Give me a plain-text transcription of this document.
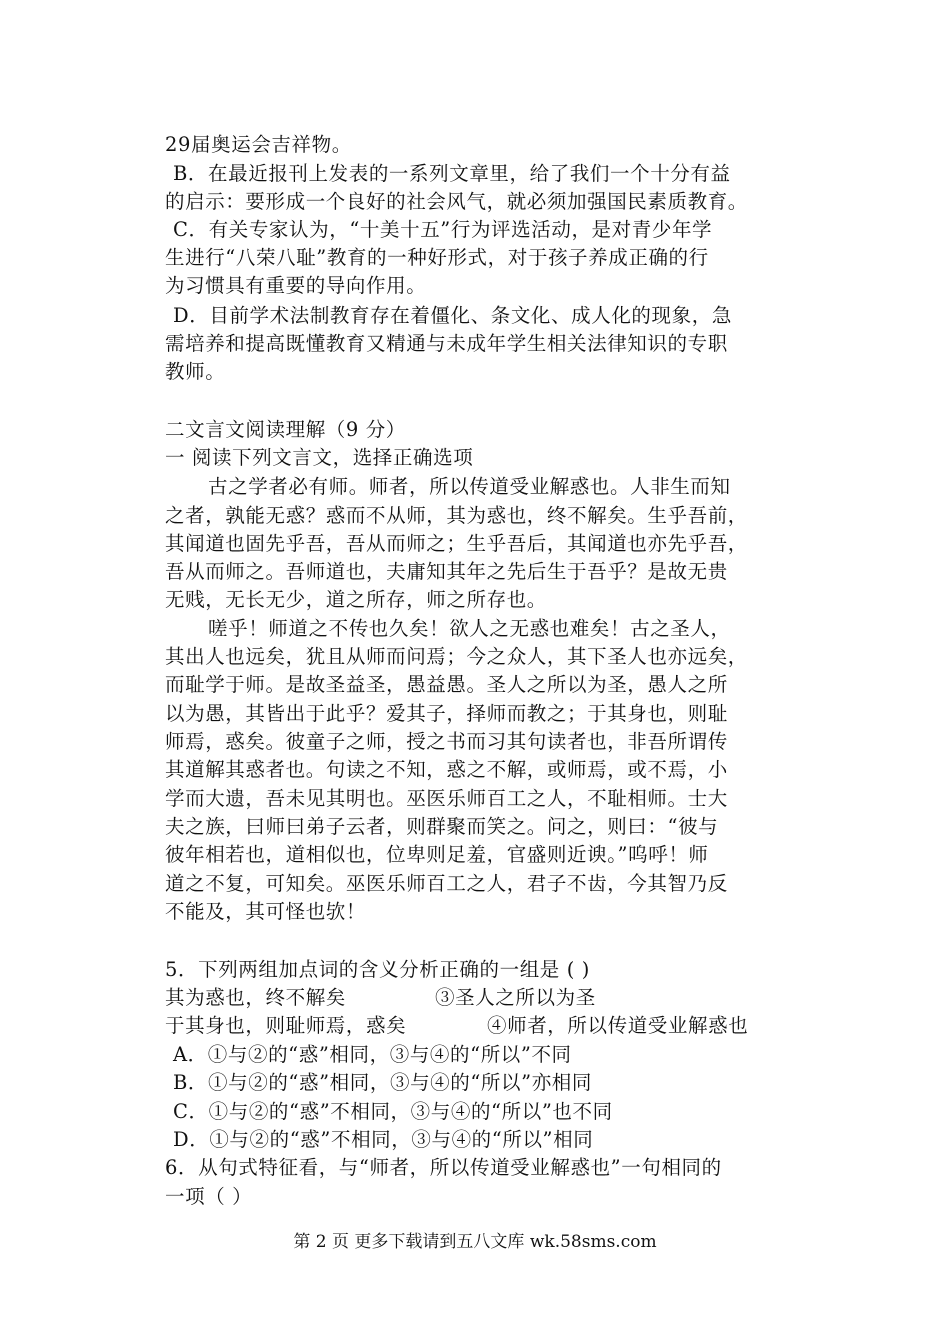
29届奥运会吉祥物。
B．在最近报刊上发表的一系列文章里，给了我们一个十分有益
的启示：要形成一个良好的社会风气，就必须加强国民素质教育。
C．有关专家认为，“十美十五”行为评选活动，是对青少年学
生进行“八荣八耻”教育的一种好形式，对于孩子养成正确的行
为习惯具有重要的导向作用。
D．目前学术法制教育存在着僵化、条文化、成人化的现象，急
需培养和提高既懂教育又精通与未成年学生相关法律知识的专职
教师。
二文言文阅读理解（9 分）
一 阅读下列文言文，选择正确选项
古之学者必有师。师者，所以传道受业解惑也。人非生而知
之者，孰能无惑？惑而不从师，其为惑也，终不解矣。生乎吾前，
其闻道也固先乎吾，吾从而师之；生乎吾后，其闻道也亦先乎吾，
吾从而师之。吾师道也，夫庸知其年之先后生于吾乎？是故无贵
无贱，无长无少，道之所存，师之所存也。
嗟乎！师道之不传也久矣！欲人之无惑也难矣！古之圣人，
其出人也远矣，犹且从师而问焉；今之众人，其下圣人也亦远矣，
而耻学于师。是故圣益圣，愚益愚。圣人之所以为圣，愚人之所
以为愚，其皆出于此乎？爱其子，择师而教之；于其身也，则耻
师焉，惑矣。彼童子之师，授之书而习其句读者也，非吾所谓传
其道解其惑者也。句读之不知，惑之不解，或师焉，或不焉，小
学而大遗，吾未见其明也。巫医乐师百工之人，不耻相师。士大
夫之族，曰师曰弟子云者，则群聚而笑之。问之，则曰：“彼与
彼年相若也，道相似也，位卑则足羞，官盛则近谀。”呜呼！师
道之不复，可知矣。巫医乐师百工之人，君子不齿，今其智乃反
不能及，其可怪也欤！
5．下列两组加点词的含义分析正确的一组是 ( )
其为惑也，终不解矣	③圣人之所以为圣
于其身也，则耻师焉，惑矣	④师者，所以传道受业解惑也
A．①与②的“惑”相同，③与④的“所以”不同
B．①与②的“惑”相同，③与④的“所以”亦相同
C．①与②的“惑”不相同，③与④的“所以”也不同
D．①与②的“惑”不相同，③与④的“所以”相同
6．从句式特征看，与“师者，所以传道受业解惑也”一句相同的
一项（ ）
第 2 页 更多下载请到五八文库 wk.58sms.com
